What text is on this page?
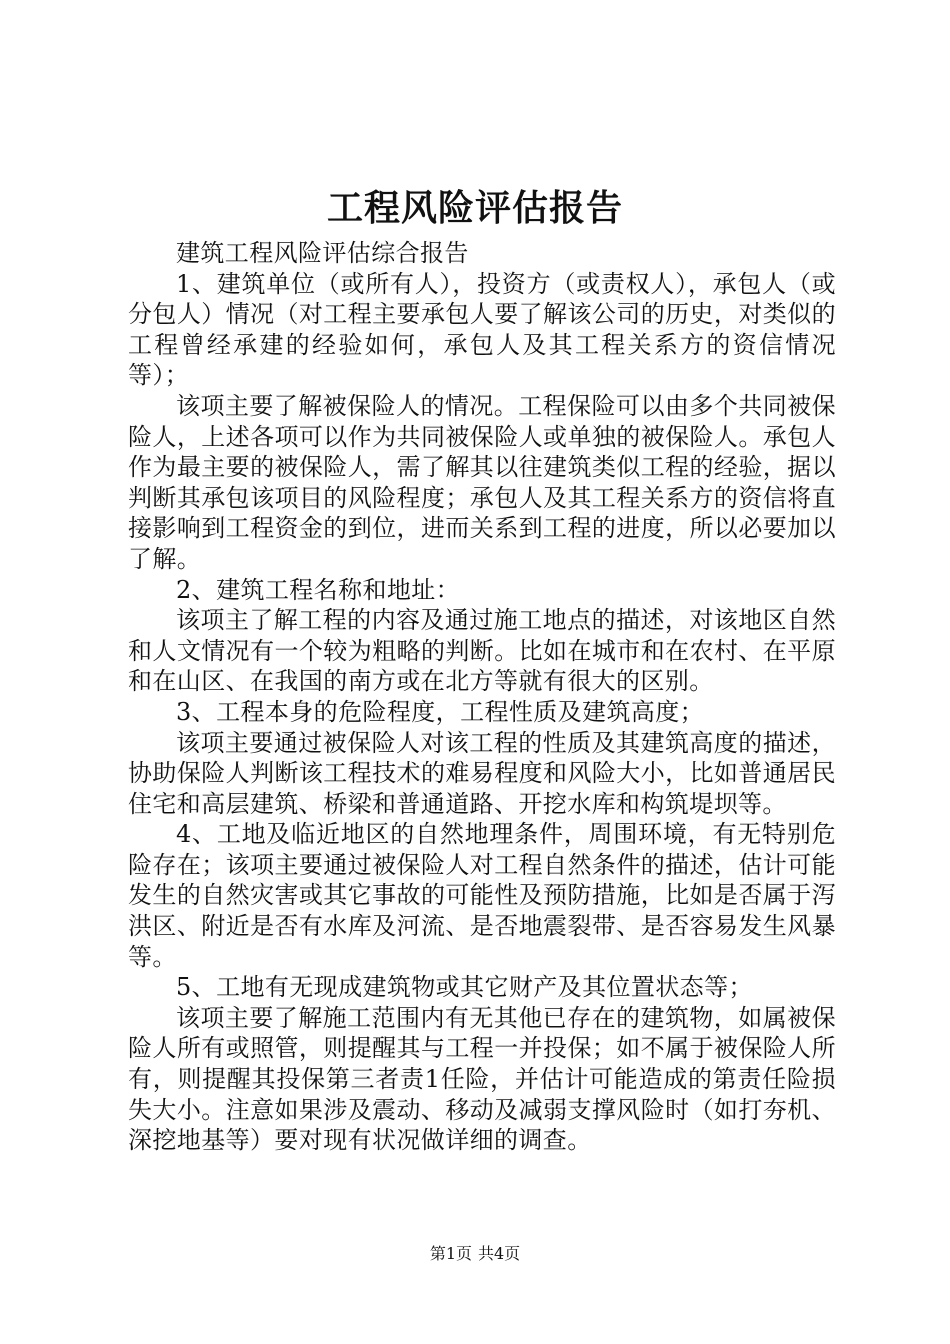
工程风险评估报告

建筑工程风险评估综合报告

1、建筑单位（或所有人），投资方（或责权人），承包人（或分包人）情况（对工程主要承包人要了解该公司的历史，对类似的工程曾经承建的经验如何，承包人及其工程关系方的资信情况等）；

该项主要了解被保险人的情况。工程保险可以由多个共同被保险人，上述各项可以作为共同被保险人或单独的被保险人。承包人作为最主要的被保险人，需了解其以往建筑类似工程的经验，据以判断其承包该项目的风险程度；承包人及其工程关系方的资信将直接影响到工程资金的到位，进而关系到工程的进度，所以必要加以了解。

2、建筑工程名称和地址：

该项主了解工程的内容及通过施工地点的描述，对该地区自然和人文情况有一个较为粗略的判断。比如在城市和在农村、在平原和在山区、在我国的南方或在北方等就有很大的区别。

3、工程本身的危险程度，工程性质及建筑高度；

该项主要通过被保险人对该工程的性质及其建筑高度的描述，协助保险人判断该工程技术的难易程度和风险大小，比如普通居民住宅和高层建筑、桥梁和普通道路、开挖水库和构筑堤坝等。

4、工地及临近地区的自然地理条件，周围环境，有无特别危险存在；该项主要通过被保险人对工程自然条件的描述，估计可能发生的自然灾害或其它事故的可能性及预防措施，比如是否属于泻洪区、附近是否有水库及河流、是否地震裂带、是否容易发生风暴等。

5、工地有无现成建筑物或其它财产及其位置状态等；

该项主要了解施工范围内有无其他已存在的建筑物，如属被保险人所有或照管，则提醒其与工程一并投保；如不属于被保险人所有，则提醒其投保第三者责1任险，并估计可能造成的第责任险损失大小。注意如果涉及震动、移动及减弱支撑风险时（如打夯机、深挖地基等）要对现有状况做详细的调查。

第1页 共4页
